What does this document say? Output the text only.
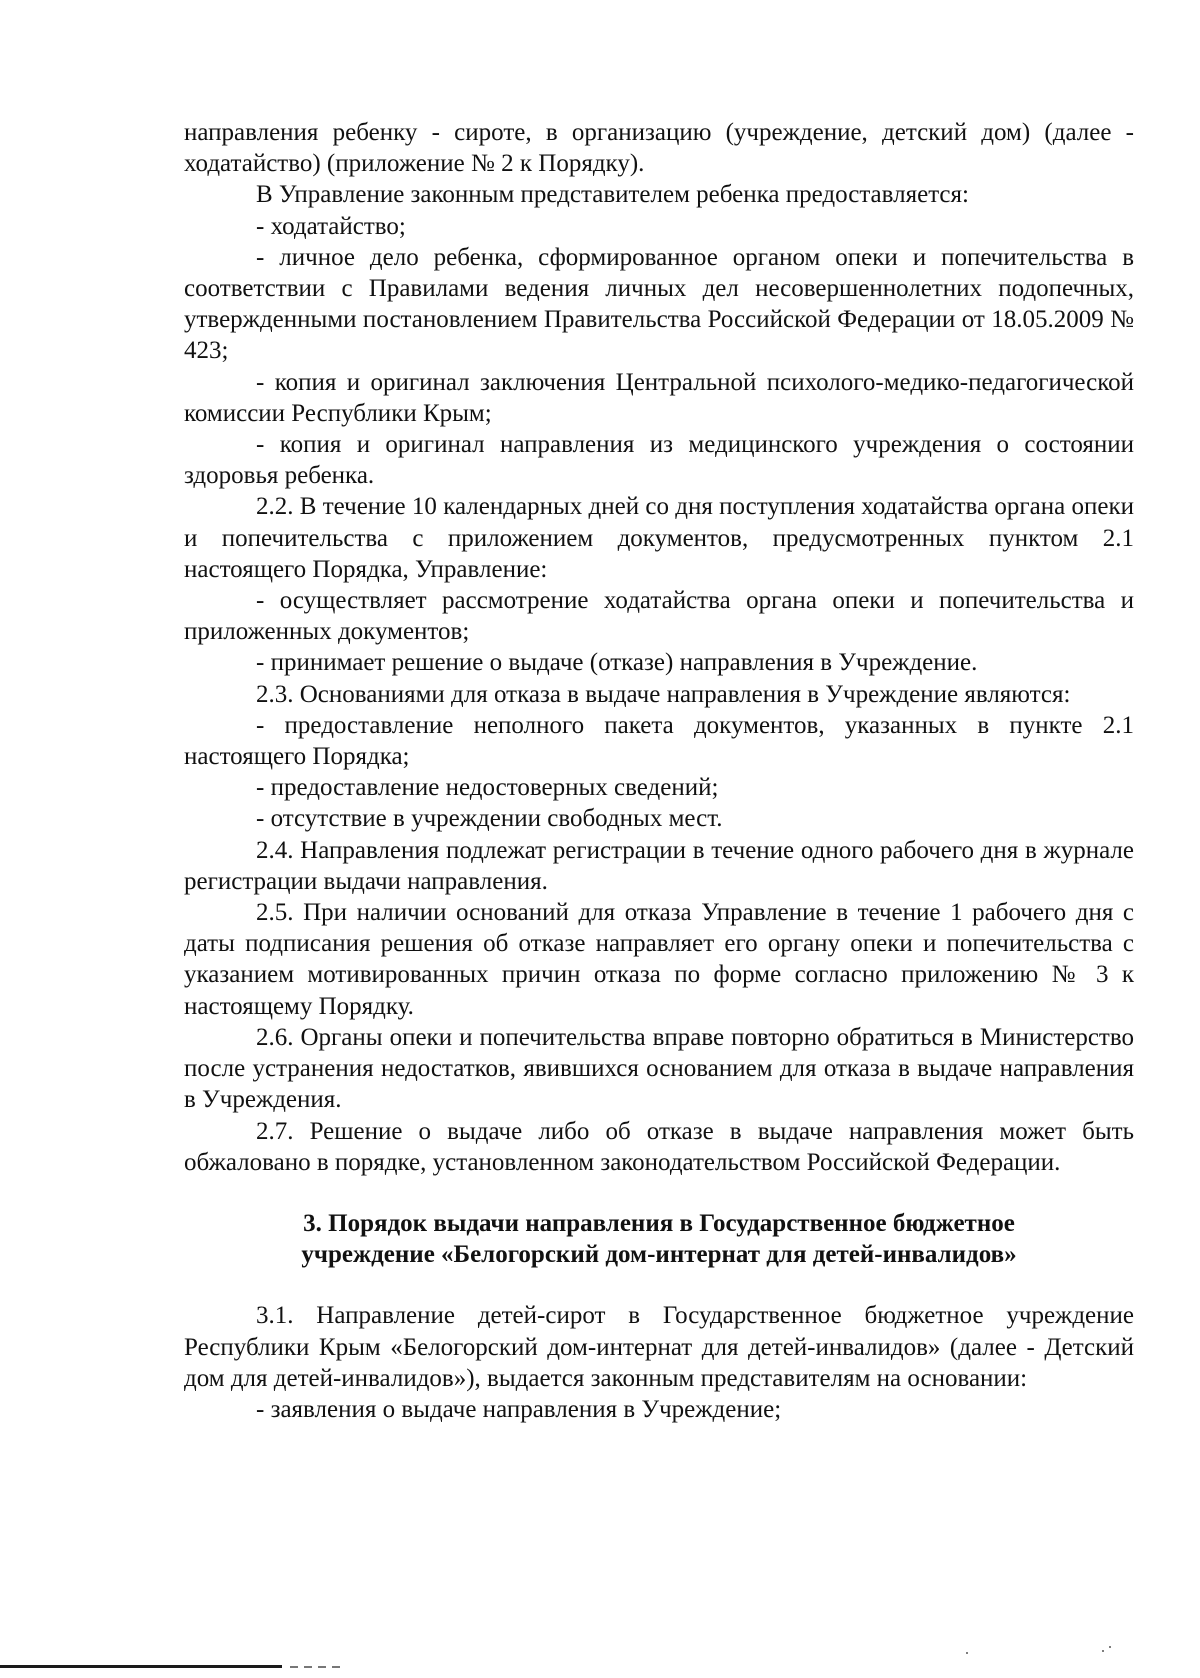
направления ребенку - сироте, в организацию (учреждение, детский дом) (далее - ходатайство) (приложение № 2 к Порядку).

В Управление законным представителем ребенка предоставляется:

- ходатайство;

- личное дело ребенка, сформированное органом опеки и попечительства в соответствии с Правилами ведения личных дел несовершеннолетних подопечных, утвержденными постановлением Правительства Российской Федерации от 18.05.2009 № 423;

- копия и оригинал заключения Центральной психолого-медико-педагогической комиссии Республики Крым;

- копия и оригинал направления из медицинского учреждения о состоянии здоровья ребенка.

2.2. В течение 10 календарных дней со дня поступления ходатайства органа опеки и попечительства с приложением документов, предусмотренных пунктом 2.1 настоящего Порядка, Управление:

- осуществляет рассмотрение ходатайства органа опеки и попечительства и приложенных документов;

- принимает решение о выдаче (отказе) направления в Учреждение.

2.3. Основаниями для отказа в выдаче направления в Учреждение являются:

- предоставление неполного пакета документов, указанных в пункте 2.1 настоящего Порядка;

- предоставление недостоверных сведений;

- отсутствие в учреждении свободных мест.

2.4. Направления подлежат регистрации в течение одного рабочего дня в журнале регистрации выдачи направления.

2.5. При наличии оснований для отказа Управление в течение 1 рабочего дня с даты подписания решения об отказе направляет его органу опеки и попечительства с указанием мотивированных причин отказа по форме согласно приложению № 3 к настоящему Порядку.

2.6. Органы опеки и попечительства вправе повторно обратиться в Министерство после устранения недостатков, явившихся основанием для отказа в выдаче направления в Учреждения.

2.7. Решение о выдаче либо об отказе в выдаче направления может быть обжаловано в порядке, установленном законодательством Российской Федерации.

3. Порядок выдачи направления в Государственное бюджетное
учреждение «Белогорский дом-интернат для детей-инвалидов»

3.1. Направление детей-сирот в Государственное бюджетное учреждение Республики Крым «Белогорский дом-интернат для детей-инвалидов» (далее - Детский дом для детей-инвалидов»), выдается законным представителям на основании:

- заявления о выдаче направления в Учреждение;
